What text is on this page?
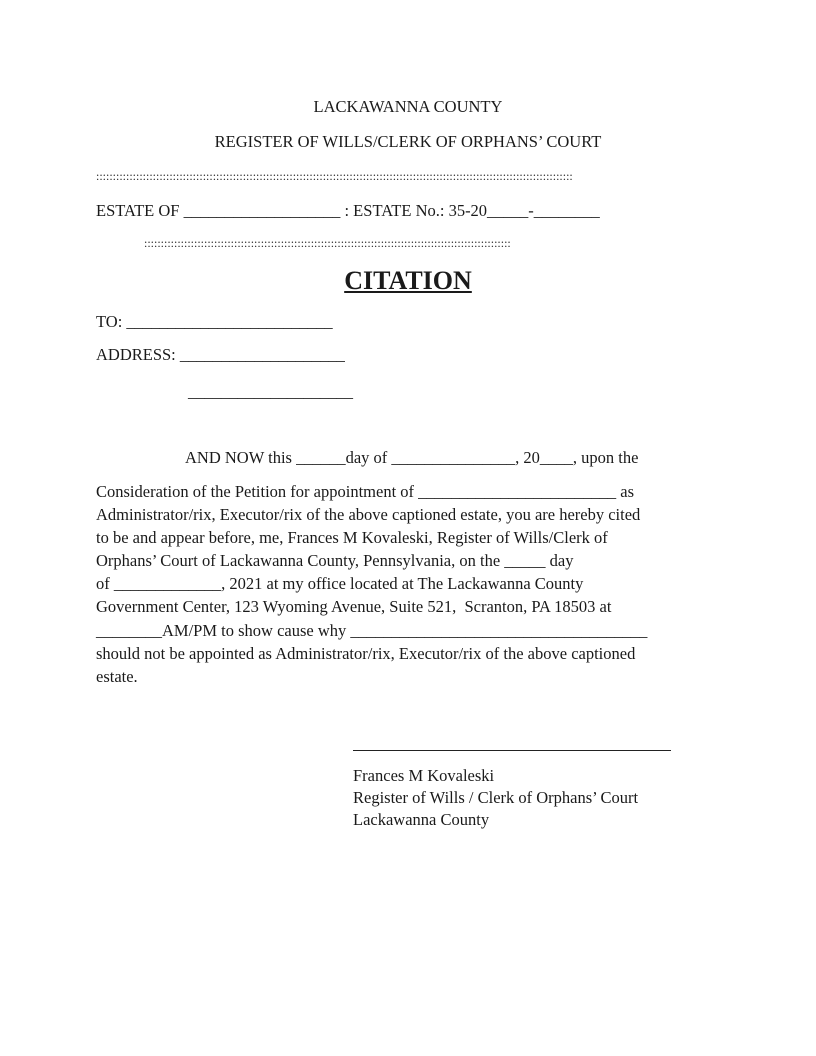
LACKAWANNA COUNTY
REGISTER OF WILLS/CLERK OF ORPHANS’ COURT
:::::::::::::::::::::::::::::::::::::::::::::::::::::::::::::::::::::::::::::::::::::::::::::::::::::::::::::::::::::::::::::::::::::::::::::::
ESTATE OF ___________________ : ESTATE No.: 35-20_____-________
::::::::::::::::::::::::::::::::::::::::::::::::::::::::::::::::::::::::::::::::::::::::::::::::::::::::::::::
CITATION
TO: _________________________
ADDRESS: ____________________
____________________
AND NOW this ______day of _______________, 20____, upon the
Consideration of the Petition for appointment of ________________________ as
Administrator/rix, Executor/rix of the above captioned estate, you are hereby cited
to be and appear before, me, Frances M Kovaleski, Register of Wills/Clerk of
Orphans’ Court of Lackawanna County, Pennsylvania, on the _____ day
of _____________, 2021 at my office located at The Lackawanna County
Government Center, 123 Wyoming Avenue, Suite 521,  Scranton, PA 18503 at
________AM/PM to show cause why ____________________________________
should not be appointed as Administrator/rix, Executor/rix of the above captioned
estate.
Frances M Kovaleski
Register of Wills / Clerk of Orphans’ Court
Lackawanna County
